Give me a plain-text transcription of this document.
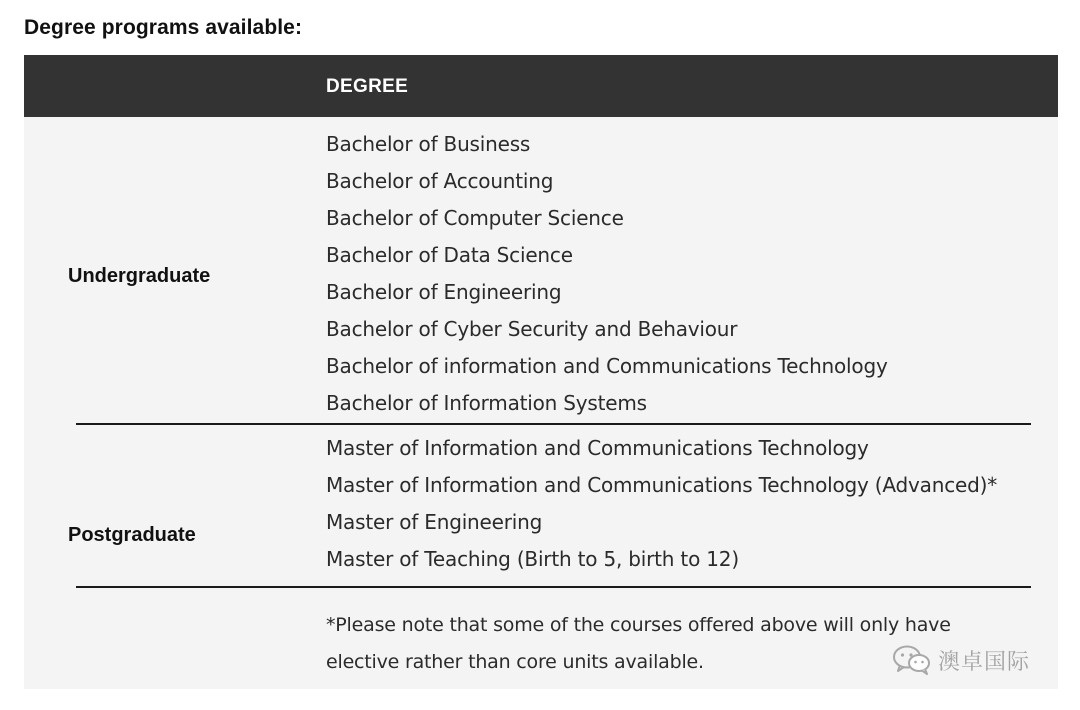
Degree programs available:
DEGREE
Undergraduate
Bachelor of Business
Bachelor of Accounting
Bachelor of Computer Science
Bachelor of Data Science
Bachelor of Engineering
Bachelor of Cyber Security and Behaviour
Bachelor of information and Communications Technology
Bachelor of Information Systems
Postgraduate
Master of Information and Communications Technology
Master of Information and Communications Technology (Advanced)*
Master of Engineering
Master of Teaching (Birth to 5, birth to 12)
*Please note that some of the courses offered above will only have
elective rather than core units available.	澳卓国际
